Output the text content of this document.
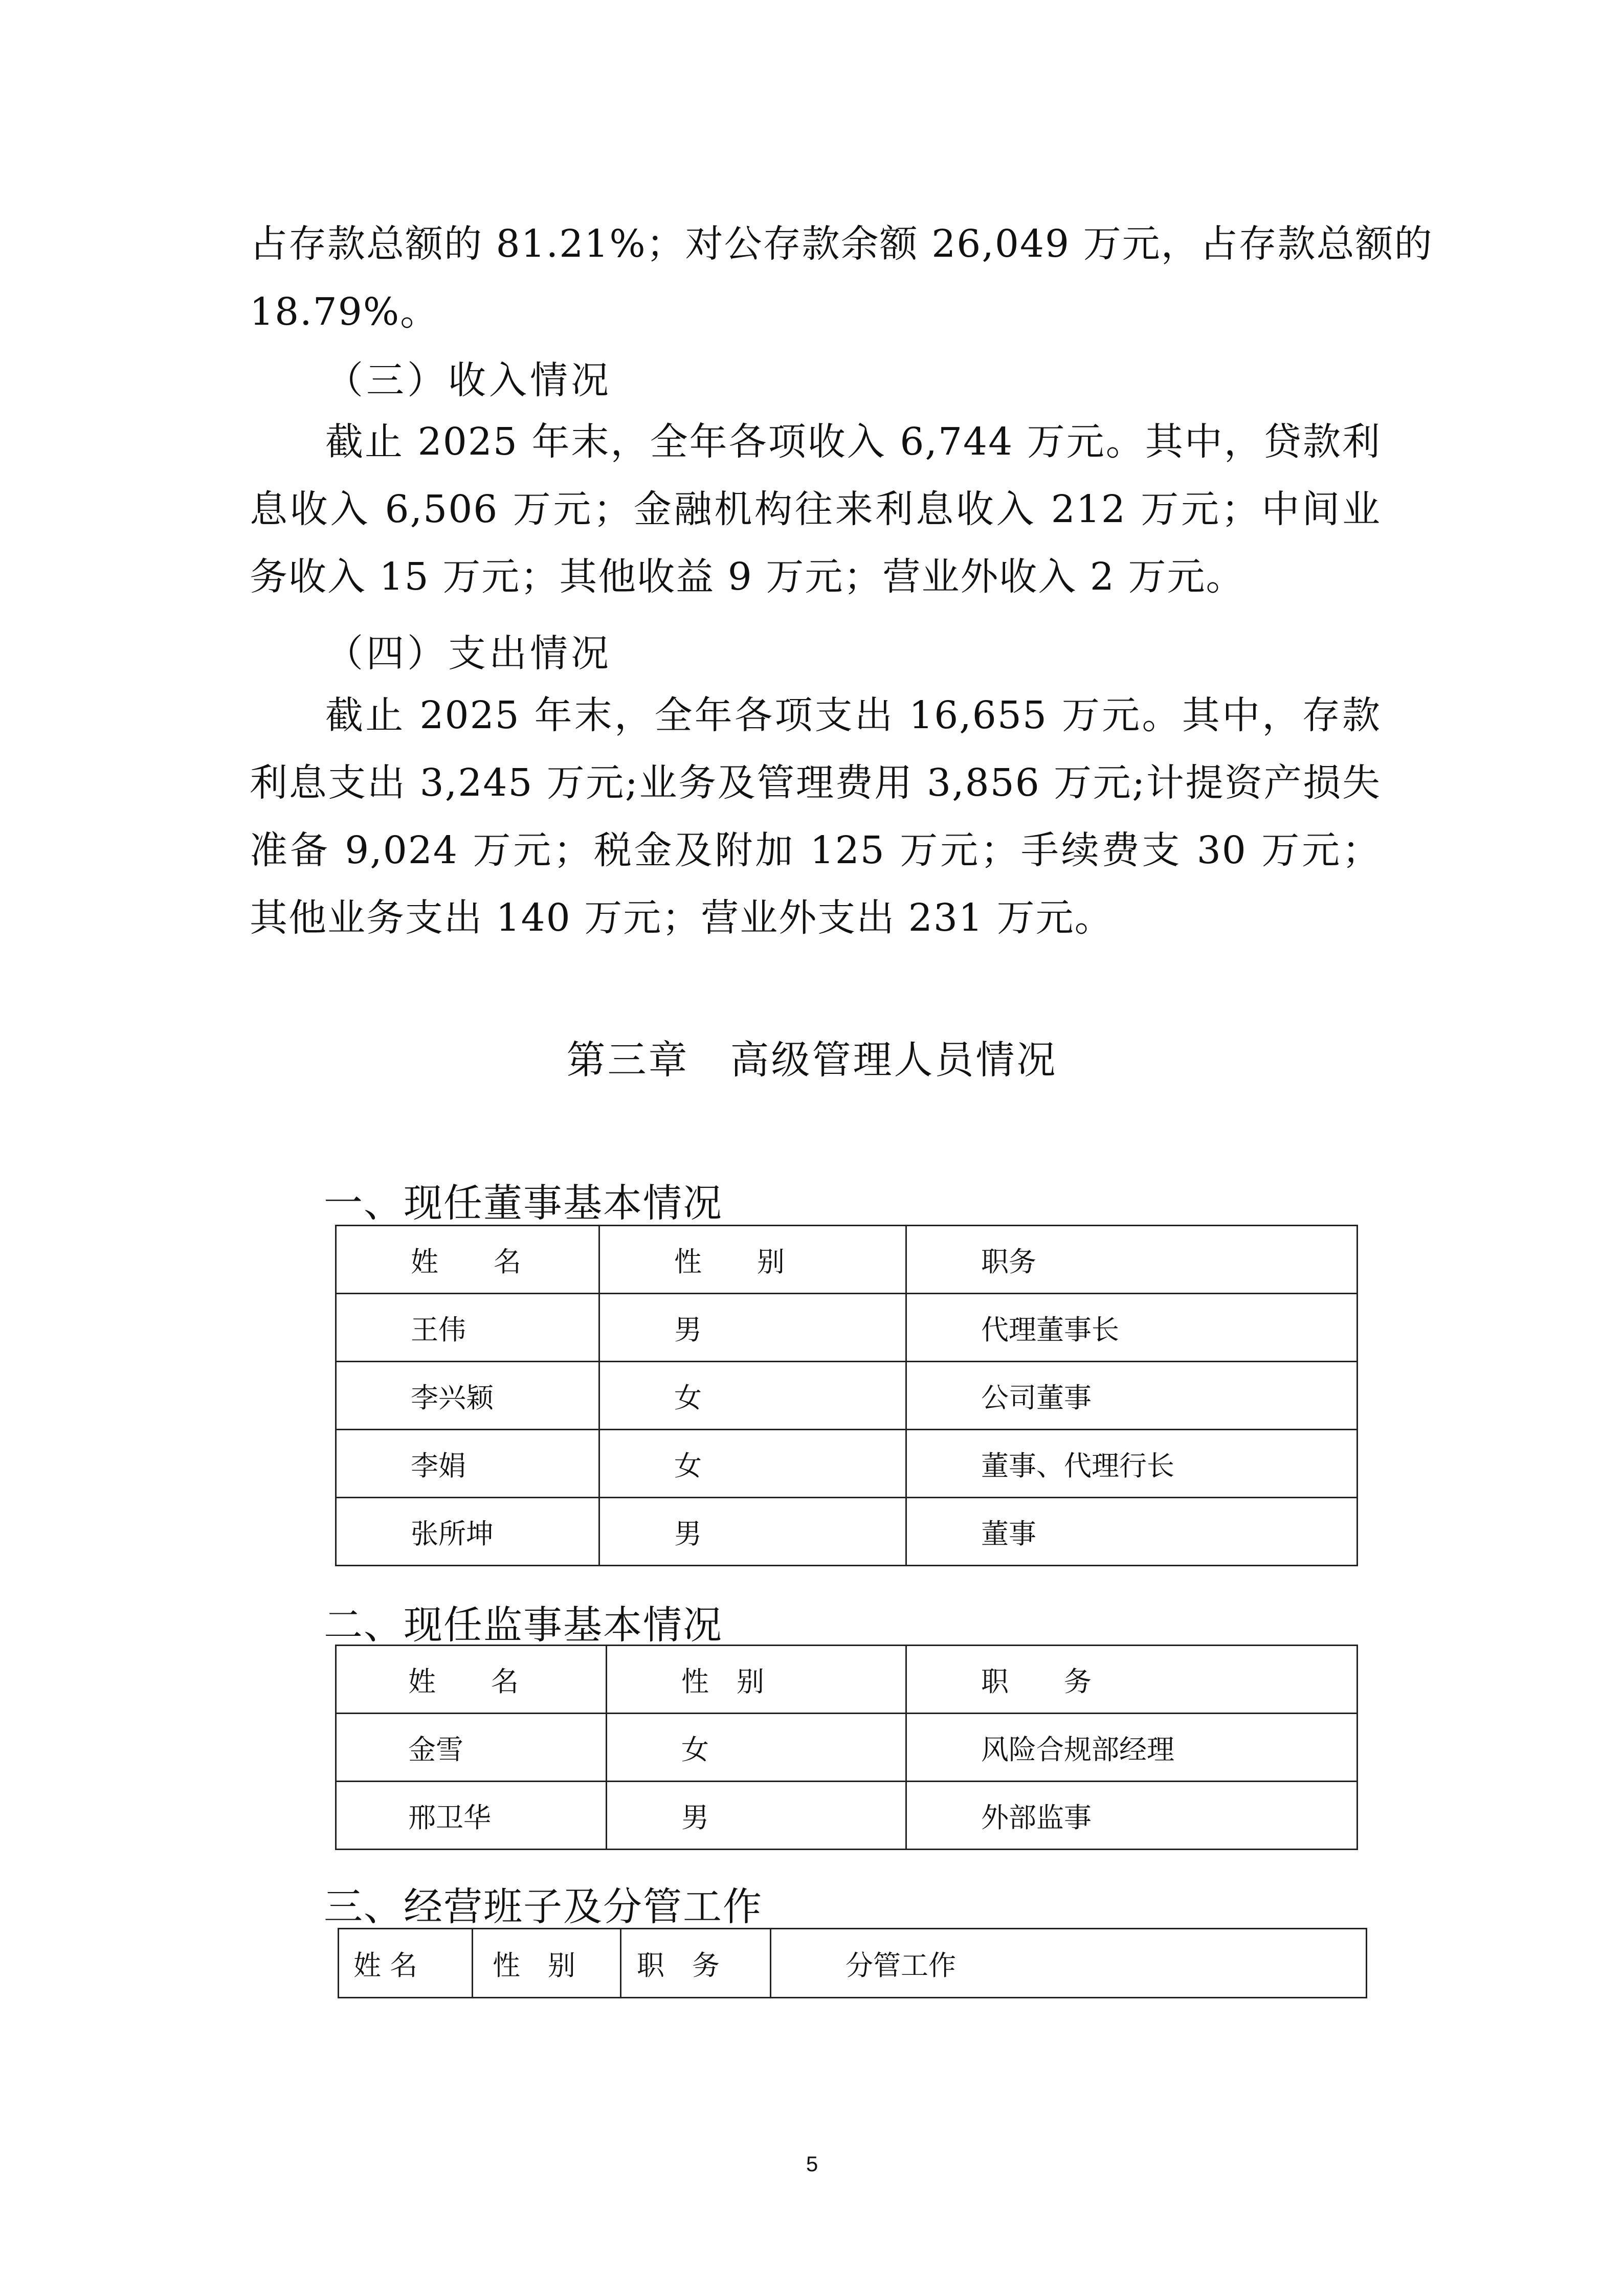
占存款总额的 81.21%；对公存款余额 26,049 万元，占存款总额的
18.79%。
（三）收入情况
截止 2025 年末，全年各项收入 6,744 万元。其中，贷款利息收入 6,506 万元；金融机构往来利息收入 212 万元；中间业务收入 15 万元；其他收益 9 万元；营业外收入 2 万元。
（四）支出情况
截止 2025 年末，全年各项支出 16,655 万元。其中，存款利息支出 3,245 万元;业务及管理费用 3,856 万元;计提资产损失准备 9,024 万元；税金及附加 125 万元；手续费支 30 万元；其他业务支出 140 万元；营业外支出 231 万元。
第三章　高级管理人员情况
一、现任董事基本情况
姓　　名	性　　别	职务
王伟	男	代理董事长
李兴颖	女	公司董事
李娟	女	董事、代理行长
张所坤	男	董事
二、现任监事基本情况
姓　　名	性　别	职　　务
金雪	女	风险合规部经理
邢卫华	男	外部监事
三、经营班子及分管工作
姓 名	性　别	职　务	分管工作
5
